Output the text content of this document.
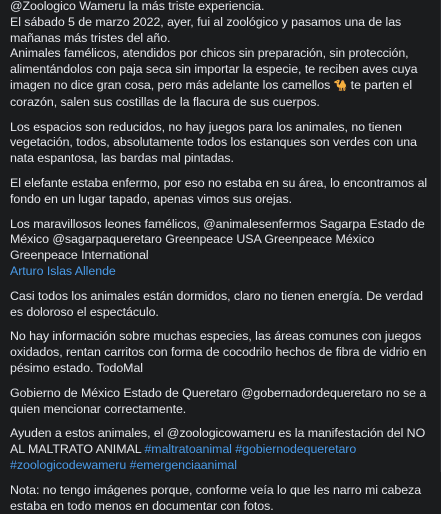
@Zoologico Wameru la más triste experiencia.
El sábado 5 de marzo 2022, ayer, fui al zoológico y pasamos una de las mañanas más tristes del año.

Animales famélicos, atendidos por chicos sin preparación, sin protección, alimentándolos con paja seca sin importar la especie, te reciben aves cuya imagen no dice gran cosa, pero más adelante los camellos 🐪 te parten el corazón, salen sus costillas de la flacura de sus cuerpos.

Los espacios son reducidos, no hay juegos para los animales, no tienen vegetación, todos, absolutamente todos los estanques son verdes con una nata espantosa, las bardas mal pintadas.

El elefante estaba enfermo, por eso no estaba en su área, lo encontramos al fondo en un lugar tapado, apenas vimos sus orejas.

Los maravillosos leones famélicos, @animalesenfermos Sagarpa Estado de México @sagarpaqueretaro Greenpeace USA Greenpeace México Greenpeace International
Arturo Islas Allende

Casi todos los animales están dormidos, claro no tienen energía. De verdad es doloroso el espectáculo.

No hay información sobre muchas especies, las áreas comunes con juegos oxidados, rentan carritos con forma de cocodrilo hechos de fibra de vidrio en pésimo estado. TodoMal

Gobierno de México Estado de Queretaro @gobernadordequeretaro no se a quien mencionar correctamente.

Ayuden a estos animales, el @zoologicowameru es la manifestación del NO AL MALTRATO ANIMAL #maltratoanimal #gobiernodequeretaro #zoologicodewameru #emergenciaanimal

Nota: no tengo imágenes porque, conforme veía lo que les narro mi cabeza estaba en todo menos en documentar con fotos.
